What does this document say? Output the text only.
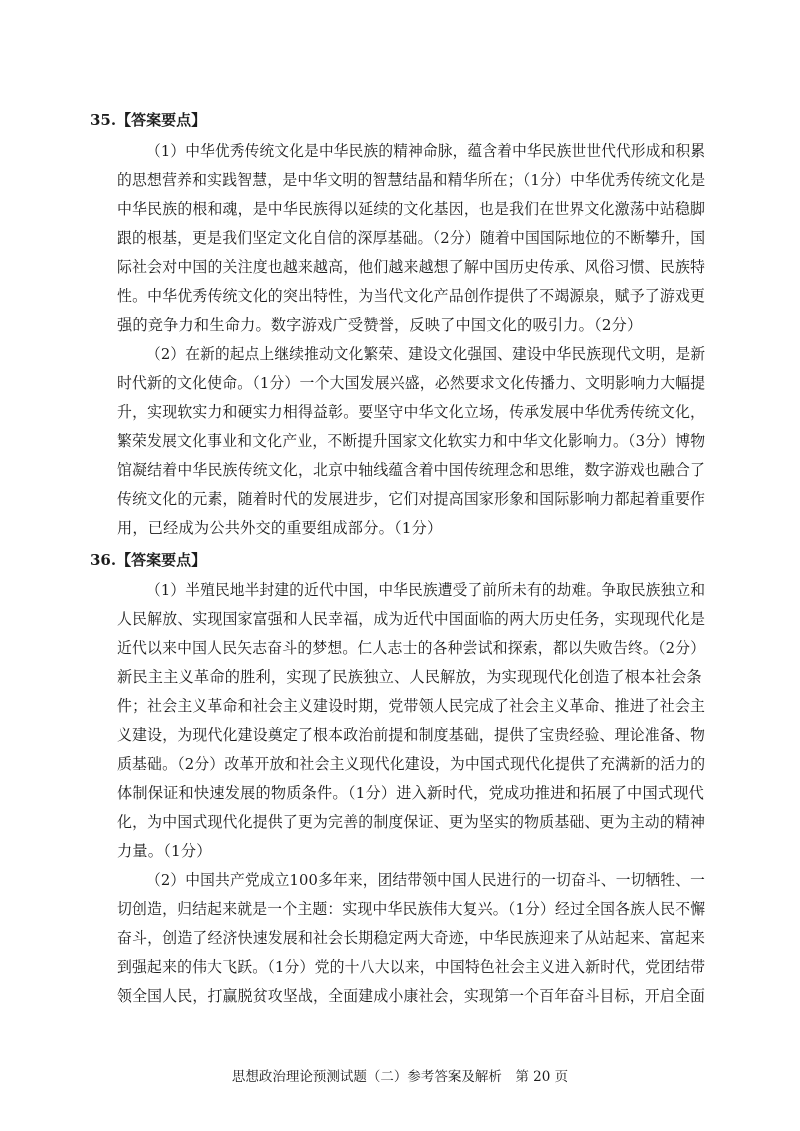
35.【答案要点】
（1）中华优秀传统文化是中华民族的精神命脉，蕴含着中华民族世世代代形成和积累
的思想营养和实践智慧，是中华文明的智慧结晶和精华所在；（1分）中华优秀传统文化是
中华民族的根和魂，是中华民族得以延续的文化基因，也是我们在世界文化激荡中站稳脚
跟的根基，更是我们坚定文化自信的深厚基础。（2分）随着中国国际地位的不断攀升，国
际社会对中国的关注度也越来越高，他们越来越想了解中国历史传承、风俗习惯、民族特
性。中华优秀传统文化的突出特性，为当代文化产品创作提供了不竭源泉，赋予了游戏更
强的竞争力和生命力。数字游戏广受赞誉，反映了中国文化的吸引力。（2分）
（2）在新的起点上继续推动文化繁荣、建设文化强国、建设中华民族现代文明，是新
时代新的文化使命。（1分）一个大国发展兴盛，必然要求文化传播力、文明影响力大幅提
升，实现软实力和硬实力相得益彰。要坚守中华文化立场，传承发展中华优秀传统文化，
繁荣发展文化事业和文化产业，不断提升国家文化软实力和中华文化影响力。（3分）博物
馆凝结着中华民族传统文化，北京中轴线蕴含着中国传统理念和思维，数字游戏也融合了
传统文化的元素，随着时代的发展进步，它们对提高国家形象和国际影响力都起着重要作
用，已经成为公共外交的重要组成部分。（1分）
36.【答案要点】
（1）半殖民地半封建的近代中国，中华民族遭受了前所未有的劫难。争取民族独立和
人民解放、实现国家富强和人民幸福，成为近代中国面临的两大历史任务，实现现代化是
近代以来中国人民矢志奋斗的梦想。仁人志士的各种尝试和探索，都以失败告终。（2分）
新民主主义革命的胜利，实现了民族独立、人民解放，为实现现代化创造了根本社会条
件；社会主义革命和社会主义建设时期，党带领人民完成了社会主义革命、推进了社会主
义建设，为现代化建设奠定了根本政治前提和制度基础，提供了宝贵经验、理论准备、物
质基础。（2分）改革开放和社会主义现代化建设，为中国式现代化提供了充满新的活力的
体制保证和快速发展的物质条件。（1分）进入新时代，党成功推进和拓展了中国式现代
化，为中国式现代化提供了更为完善的制度保证、更为坚实的物质基础、更为主动的精神
力量。（1分）
（2）中国共产党成立100多年来，团结带领中国人民进行的一切奋斗、一切牺牲、一
切创造，归结起来就是一个主题：实现中华民族伟大复兴。（1分）经过全国各族人民不懈
奋斗，创造了经济快速发展和社会长期稳定两大奇迹，中华民族迎来了从站起来、富起来
到强起来的伟大飞跃。（1分）党的十八大以来，中国特色社会主义进入新时代，党团结带
领全国人民，打赢脱贫攻坚战，全面建成小康社会，实现第一个百年奋斗目标，开启全面
思想政治理论预测试题（二）参考答案及解析　第 20 页
